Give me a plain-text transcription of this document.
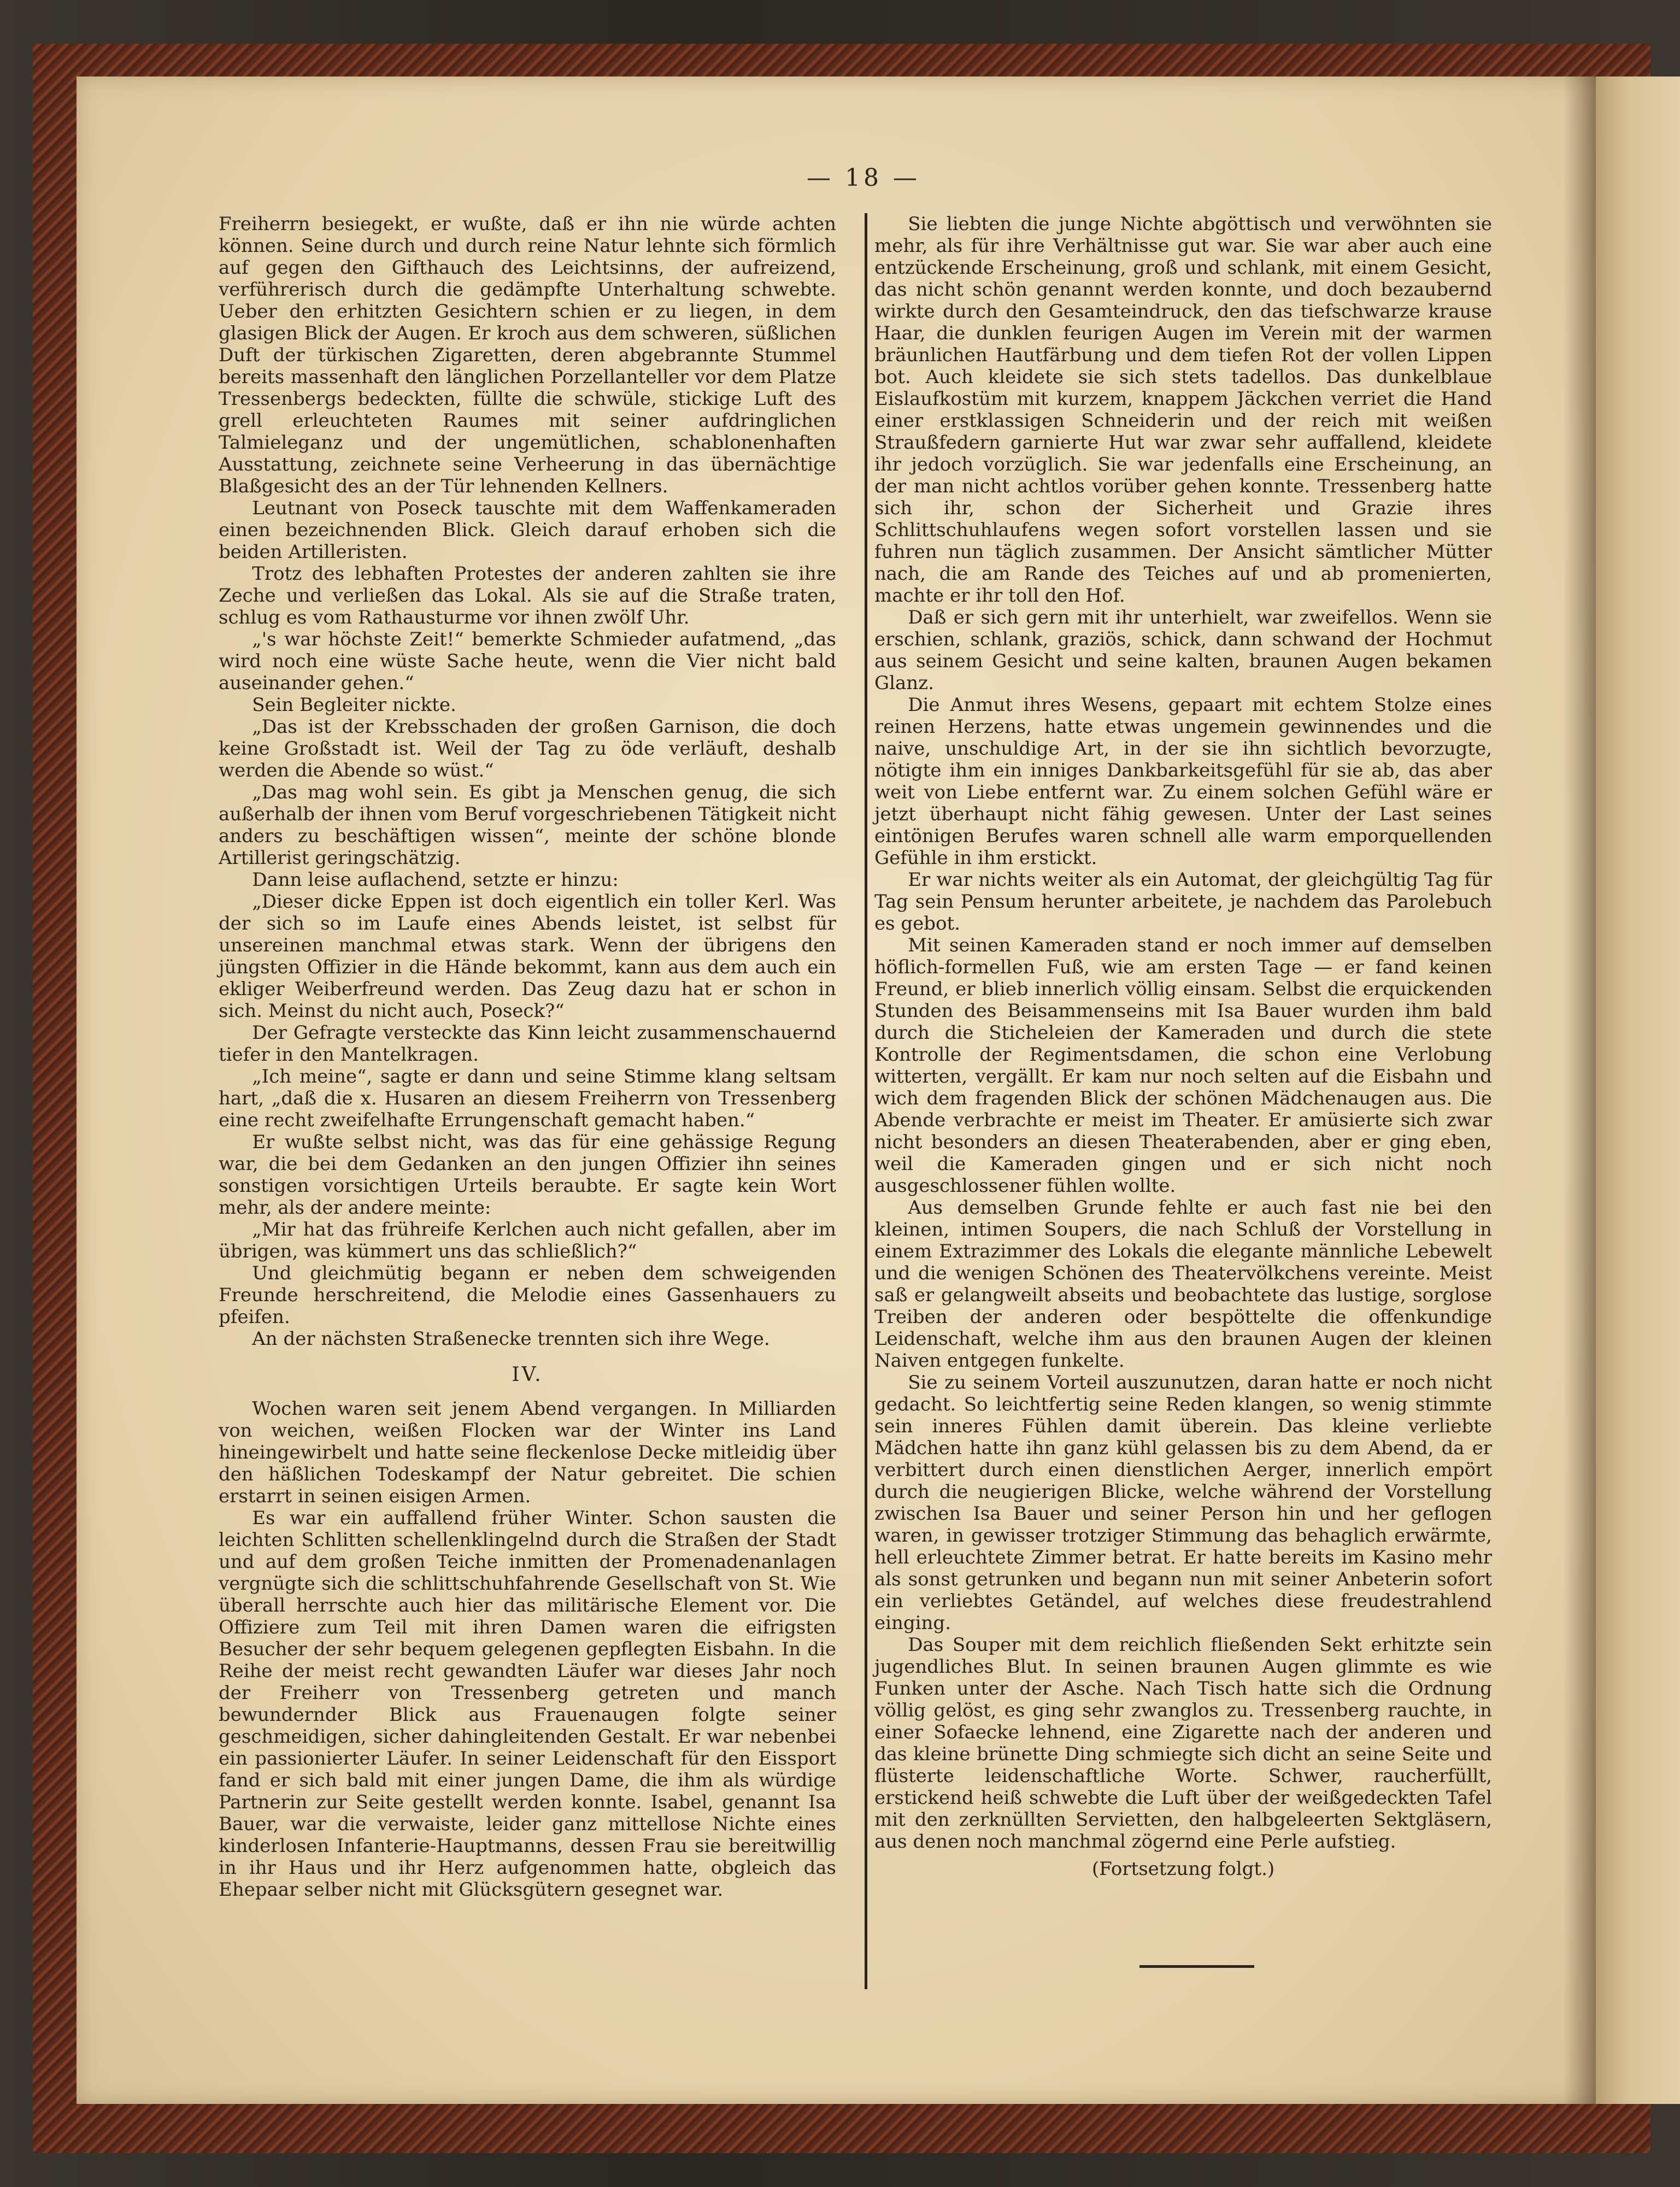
— 18 —

Freiherrn besiegekt, er wußte, daß er ihn nie würde achten können. Seine durch und durch reine Natur lehnte sich förmlich auf gegen den Gifthauch des Leichtsinns, der aufreizend, verführerisch durch die gedämpfte Unterhaltung schwebte. Ueber den erhitzten Gesichtern schien er zu liegen, in dem glasigen Blick der Augen. Er kroch aus dem schweren, süßlichen Duft der türkischen Zigaretten, deren abgebrannte Stummel bereits massenhaft den länglichen Porzellanteller vor dem Platze Tressenbergs bedeckten, füllte die schwüle, stickige Luft des grell erleuchteten Raumes mit seiner aufdringlichen Talmieleganz und der ungemütlichen, schablonenhaften Ausstattung, zeichnete seine Verheerung in das übernächtige Blaßgesicht des an der Tür lehnenden Kellners.

Leutnant von Poseck tauschte mit dem Waffenkameraden einen bezeichnenden Blick. Gleich darauf erhoben sich die beiden Artilleristen.

Trotz des lebhaften Protestes der anderen zahlten sie ihre Zeche und verließen das Lokal. Als sie auf die Straße traten, schlug es vom Rathausturme vor ihnen zwölf Uhr.

„'s war höchste Zeit!“ bemerkte Schmieder aufatmend, „das wird noch eine wüste Sache heute, wenn die Vier nicht bald auseinander gehen.“

Sein Begleiter nickte.

„Das ist der Krebsschaden der großen Garnison, die doch keine Großstadt ist. Weil der Tag zu öde verläuft, deshalb werden die Abende so wüst.“

„Das mag wohl sein. Es gibt ja Menschen genug, die sich außerhalb der ihnen vom Beruf vorgeschriebenen Tätigkeit nicht anders zu beschäftigen wissen“, meinte der schöne blonde Artillerist geringschätzig.

Dann leise auflachend, setzte er hinzu:

„Dieser dicke Eppen ist doch eigentlich ein toller Kerl. Was der sich so im Laufe eines Abends leistet, ist selbst für unsereinen manchmal etwas stark. Wenn der übrigens den jüngsten Offizier in die Hände bekommt, kann aus dem auch ein ekliger Weiberfreund werden. Das Zeug dazu hat er schon in sich. Meinst du nicht auch, Poseck?“

Der Gefragte versteckte das Kinn leicht zusammenschauernd tiefer in den Mantelkragen.

„Ich meine“, sagte er dann und seine Stimme klang seltsam hart, „daß die x. Husaren an diesem Freiherrn von Tressenberg eine recht zweifelhafte Errungenschaft gemacht haben.“

Er wußte selbst nicht, was das für eine gehässige Regung war, die bei dem Gedanken an den jungen Offizier ihn seines sonstigen vorsichtigen Urteils beraubte. Er sagte kein Wort mehr, als der andere meinte:

„Mir hat das frühreife Kerlchen auch nicht gefallen, aber im übrigen, was kümmert uns das schließlich?“

Und gleichmütig begann er neben dem schweigenden Freunde herschreitend, die Melodie eines Gassenhauers zu pfeifen.

An der nächsten Straßenecke trennten sich ihre Wege.

IV.

Wochen waren seit jenem Abend vergangen. In Milliarden von weichen, weißen Flocken war der Winter ins Land hineingewirbelt und hatte seine fleckenlose Decke mitleidig über den häßlichen Todeskampf der Natur gebreitet. Die schien erstarrt in seinen eisigen Armen.

Es war ein auffallend früher Winter. Schon sausten die leichten Schlitten schellenklingelnd durch die Straßen der Stadt und auf dem großen Teiche inmitten der Promenadenanlagen vergnügte sich die schlittschuhfahrende Gesellschaft von St. Wie überall herrschte auch hier das militärische Element vor. Die Offiziere zum Teil mit ihren Damen waren die eifrigsten Besucher der sehr bequem gelegenen gepflegten Eisbahn. In die Reihe der meist recht gewandten Läufer war dieses Jahr noch der Freiherr von Tressenberg getreten und manch bewundernder Blick aus Frauenaugen folgte seiner geschmeidigen, sicher dahingleitenden Gestalt. Er war nebenbei ein passionierter Läufer. In seiner Leidenschaft für den Eissport fand er sich bald mit einer jungen Dame, die ihm als würdige Partnerin zur Seite gestellt werden konnte. Isabel, genannt Isa Bauer, war die verwaiste, leider ganz mittellose Nichte eines kinderlosen Infanterie-Hauptmanns, dessen Frau sie bereitwillig in ihr Haus und ihr Herz aufgenommen hatte, obgleich das Ehepaar selber nicht mit Glücksgütern gesegnet war.

Sie liebten die junge Nichte abgöttisch und verwöhnten sie mehr, als für ihre Verhältnisse gut war. Sie war aber auch eine entzückende Erscheinung, groß und schlank, mit einem Gesicht, das nicht schön genannt werden konnte, und doch bezaubernd wirkte durch den Gesamteindruck, den das tiefschwarze krause Haar, die dunklen feurigen Augen im Verein mit der warmen bräunlichen Hautfärbung und dem tiefen Rot der vollen Lippen bot. Auch kleidete sie sich stets tadellos. Das dunkelblaue Eislaufkostüm mit kurzem, knappem Jäckchen verriet die Hand einer erstklassigen Schneiderin und der reich mit weißen Straußfedern garnierte Hut war zwar sehr auffallend, kleidete ihr jedoch vorzüglich. Sie war jedenfalls eine Erscheinung, an der man nicht achtlos vorüber gehen konnte. Tressenberg hatte sich ihr, schon der Sicherheit und Grazie ihres Schlittschuhlaufens wegen sofort vorstellen lassen und sie fuhren nun täglich zusammen. Der Ansicht sämtlicher Mütter nach, die am Rande des Teiches auf und ab promenierten, machte er ihr toll den Hof.

Daß er sich gern mit ihr unterhielt, war zweifellos. Wenn sie erschien, schlank, graziös, schick, dann schwand der Hochmut aus seinem Gesicht und seine kalten, braunen Augen bekamen Glanz.

Die Anmut ihres Wesens, gepaart mit echtem Stolze eines reinen Herzens, hatte etwas ungemein gewinnendes und die naive, unschuldige Art, in der sie ihn sichtlich bevorzugte, nötigte ihm ein inniges Dankbarkeitsgefühl für sie ab, das aber weit von Liebe entfernt war. Zu einem solchen Gefühl wäre er jetzt überhaupt nicht fähig gewesen. Unter der Last seines eintönigen Berufes waren schnell alle warm emporquellenden Gefühle in ihm erstickt.

Er war nichts weiter als ein Automat, der gleichgültig Tag für Tag sein Pensum herunter arbeitete, je nachdem das Parolebuch es gebot.

Mit seinen Kameraden stand er noch immer auf demselben höflich-formellen Fuß, wie am ersten Tage — er fand keinen Freund, er blieb innerlich völlig einsam. Selbst die erquickenden Stunden des Beisammenseins mit Isa Bauer wurden ihm bald durch die Sticheleien der Kameraden und durch die stete Kontrolle der Regimentsdamen, die schon eine Verlobung witterten, vergällt. Er kam nur noch selten auf die Eisbahn und wich dem fragenden Blick der schönen Mädchenaugen aus. Die Abende verbrachte er meist im Theater. Er amüsierte sich zwar nicht besonders an diesen Theaterabenden, aber er ging eben, weil die Kameraden gingen und er sich nicht noch ausgeschlossener fühlen wollte.

Aus demselben Grunde fehlte er auch fast nie bei den kleinen, intimen Soupers, die nach Schluß der Vorstellung in einem Extrazimmer des Lokals die elegante männliche Lebewelt und die wenigen Schönen des Theatervölkchens vereinte. Meist saß er gelangweilt abseits und beobachtete das lustige, sorglose Treiben der anderen oder bespöttelte die offenkundige Leidenschaft, welche ihm aus den braunen Augen der kleinen Naiven entgegen funkelte.

Sie zu seinem Vorteil auszunutzen, daran hatte er noch nicht gedacht. So leichtfertig seine Reden klangen, so wenig stimmte sein inneres Fühlen damit überein. Das kleine verliebte Mädchen hatte ihn ganz kühl gelassen bis zu dem Abend, da er verbittert durch einen dienstlichen Aerger, innerlich empört durch die neugierigen Blicke, welche während der Vorstellung zwischen Isa Bauer und seiner Person hin und her geflogen waren, in gewisser trotziger Stimmung das behaglich erwärmte, hell erleuchtete Zimmer betrat. Er hatte bereits im Kasino mehr als sonst getrunken und begann nun mit seiner Anbeterin sofort ein verliebtes Getändel, auf welches diese freudestrahlend einging.

Das Souper mit dem reichlich fließenden Sekt erhitzte sein jugendliches Blut. In seinen braunen Augen glimmte es wie Funken unter der Asche. Nach Tisch hatte sich die Ordnung völlig gelöst, es ging sehr zwanglos zu. Tressenberg rauchte, in einer Sofaecke lehnend, eine Zigarette nach der anderen und das kleine brünette Ding schmiegte sich dicht an seine Seite und flüsterte leidenschaftliche Worte. Schwer, raucherfüllt, erstickend heiß schwebte die Luft über der weißgedeckten Tafel mit den zerknüllten Servietten, den halbgeleerten Sektgläsern, aus denen noch manchmal zögernd eine Perle aufstieg.

(Fortsetzung folgt.)
